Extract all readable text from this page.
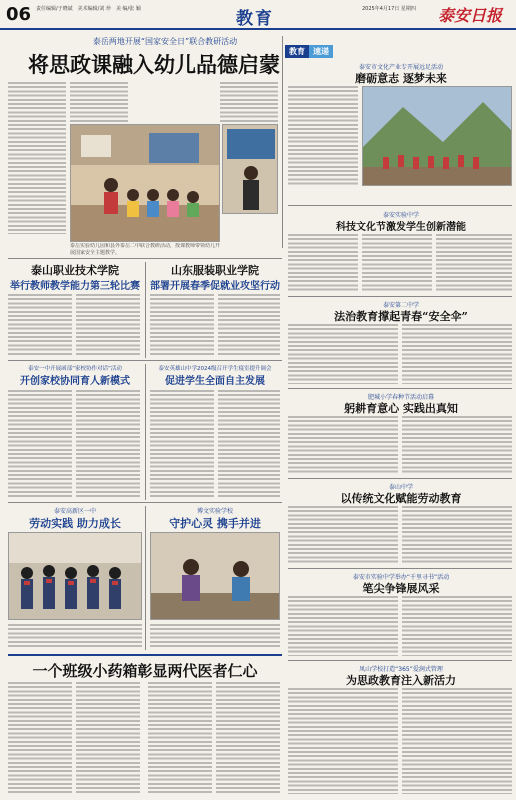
06 责任编辑/于晓斌　美术编辑/刘 珍　美 编/张 颖	教育	2025年4月17日 星期四	泰安日报
泰岳两地开展“国家安全日”联合教研活动
将思政课融入幼儿品德启蒙
泰岳实验幼儿园和县外泰岳二中联合教研活动，授课教师带领幼儿开展国家安全主题教学。
教育	速递
泰安市文化产业专开展远足活动
磨砺意志 逐梦未来
泰安实验中学
科技文化节激发学生创新潜能
泰安第二中学
法治教育撑起青春“安全伞”
肥城小学春种节活动启幕
躬耕育意心 实践出真知
泰山中学
以传统文化赋能劳动教育
泰安市实验中学举办“千里寻书”活动
笔尖争锋展风采
凤山学校打造“365”爱润式管理
为思政教育注入新活力
泰山职业技术学院
举行教师教学能力第三轮比赛
山东服装职业学院
部署开展春季促就业攻坚行动
泰安一中开展函部“家校协作对话”活动
开创家校协同育人新模式
泰安英雄山中学2024级召开学生寝室提升调会
促进学生全面自主发展
泰安高新区一中
劳动实践 助力成长
博文实验学校
守护心灵 携手并进
一个班级小药箱彰显两代医者仁心
